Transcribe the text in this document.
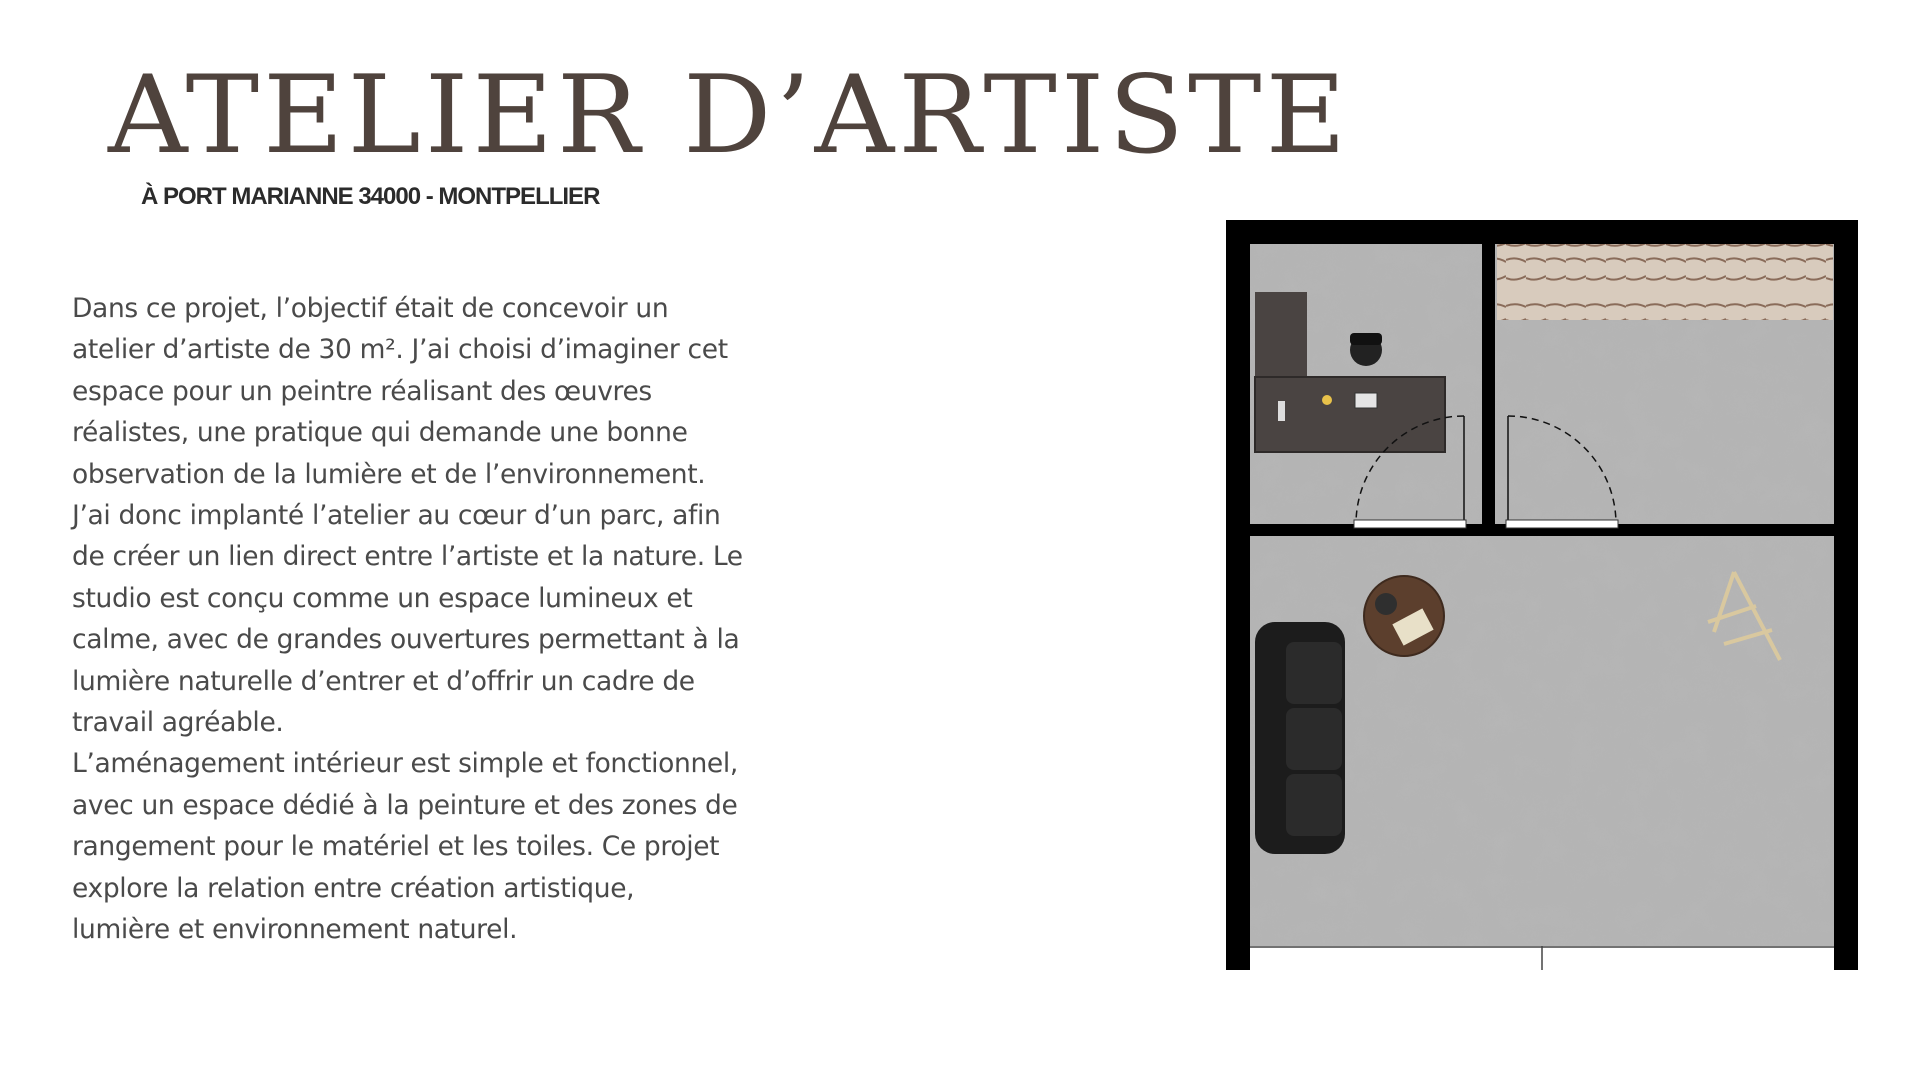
ATELIER D’ARTISTE

À PORT MARIANNE 34000 - MONTPELLIER

Dans ce projet, l’objectif était de concevoir un
atelier d’artiste de 30 m². J’ai choisi d’imaginer cet
espace pour un peintre réalisant des œuvres
réalistes, une pratique qui demande une bonne
observation de la lumière et de l’environnement.
J’ai donc implanté l’atelier au cœur d’un parc, afin
de créer un lien direct entre l’artiste et la nature. Le
studio est conçu comme un espace lumineux et
calme, avec de grandes ouvertures permettant à la
lumière naturelle d’entrer et d’offrir un cadre de
travail agréable.
L’aménagement intérieur est simple et fonctionnel,
avec un espace dédié à la peinture et des zones de
rangement pour le matériel et les toiles. Ce projet
explore la relation entre création artistique,
lumière et environnement naturel.
